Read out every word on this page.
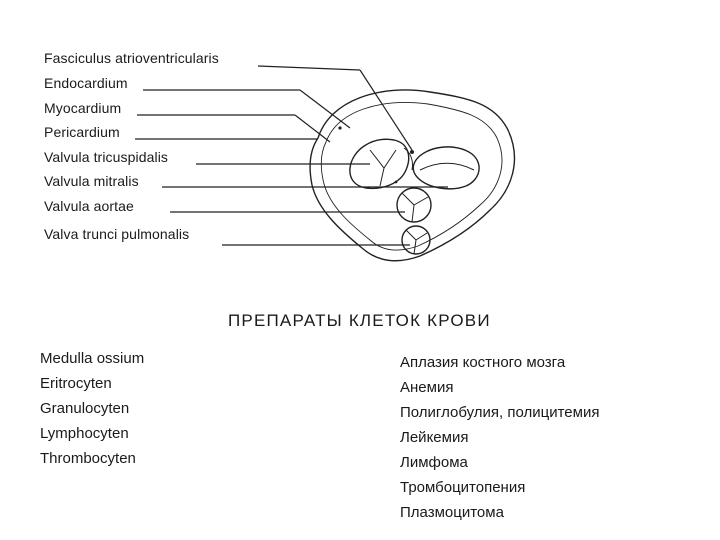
Fasciculus atrioventricularis
Endocardium
Myocardium
Pericardium
Valvula tricuspidalis
Valvula mitralis
Valvula aortae
Valva trunci pulmonalis
ПРЕПАРАТЫ КЛЕТОК КРОВИ
Medulla ossium
Eritrocyten
Granulocyten
Lymphocyten
Thrombocyten
Аплазия костного мозга
Анемия
Полиглобулия, полицитемия
Лейкемия
Лимфома
Тромбоцитопения
Плазмоцитома
